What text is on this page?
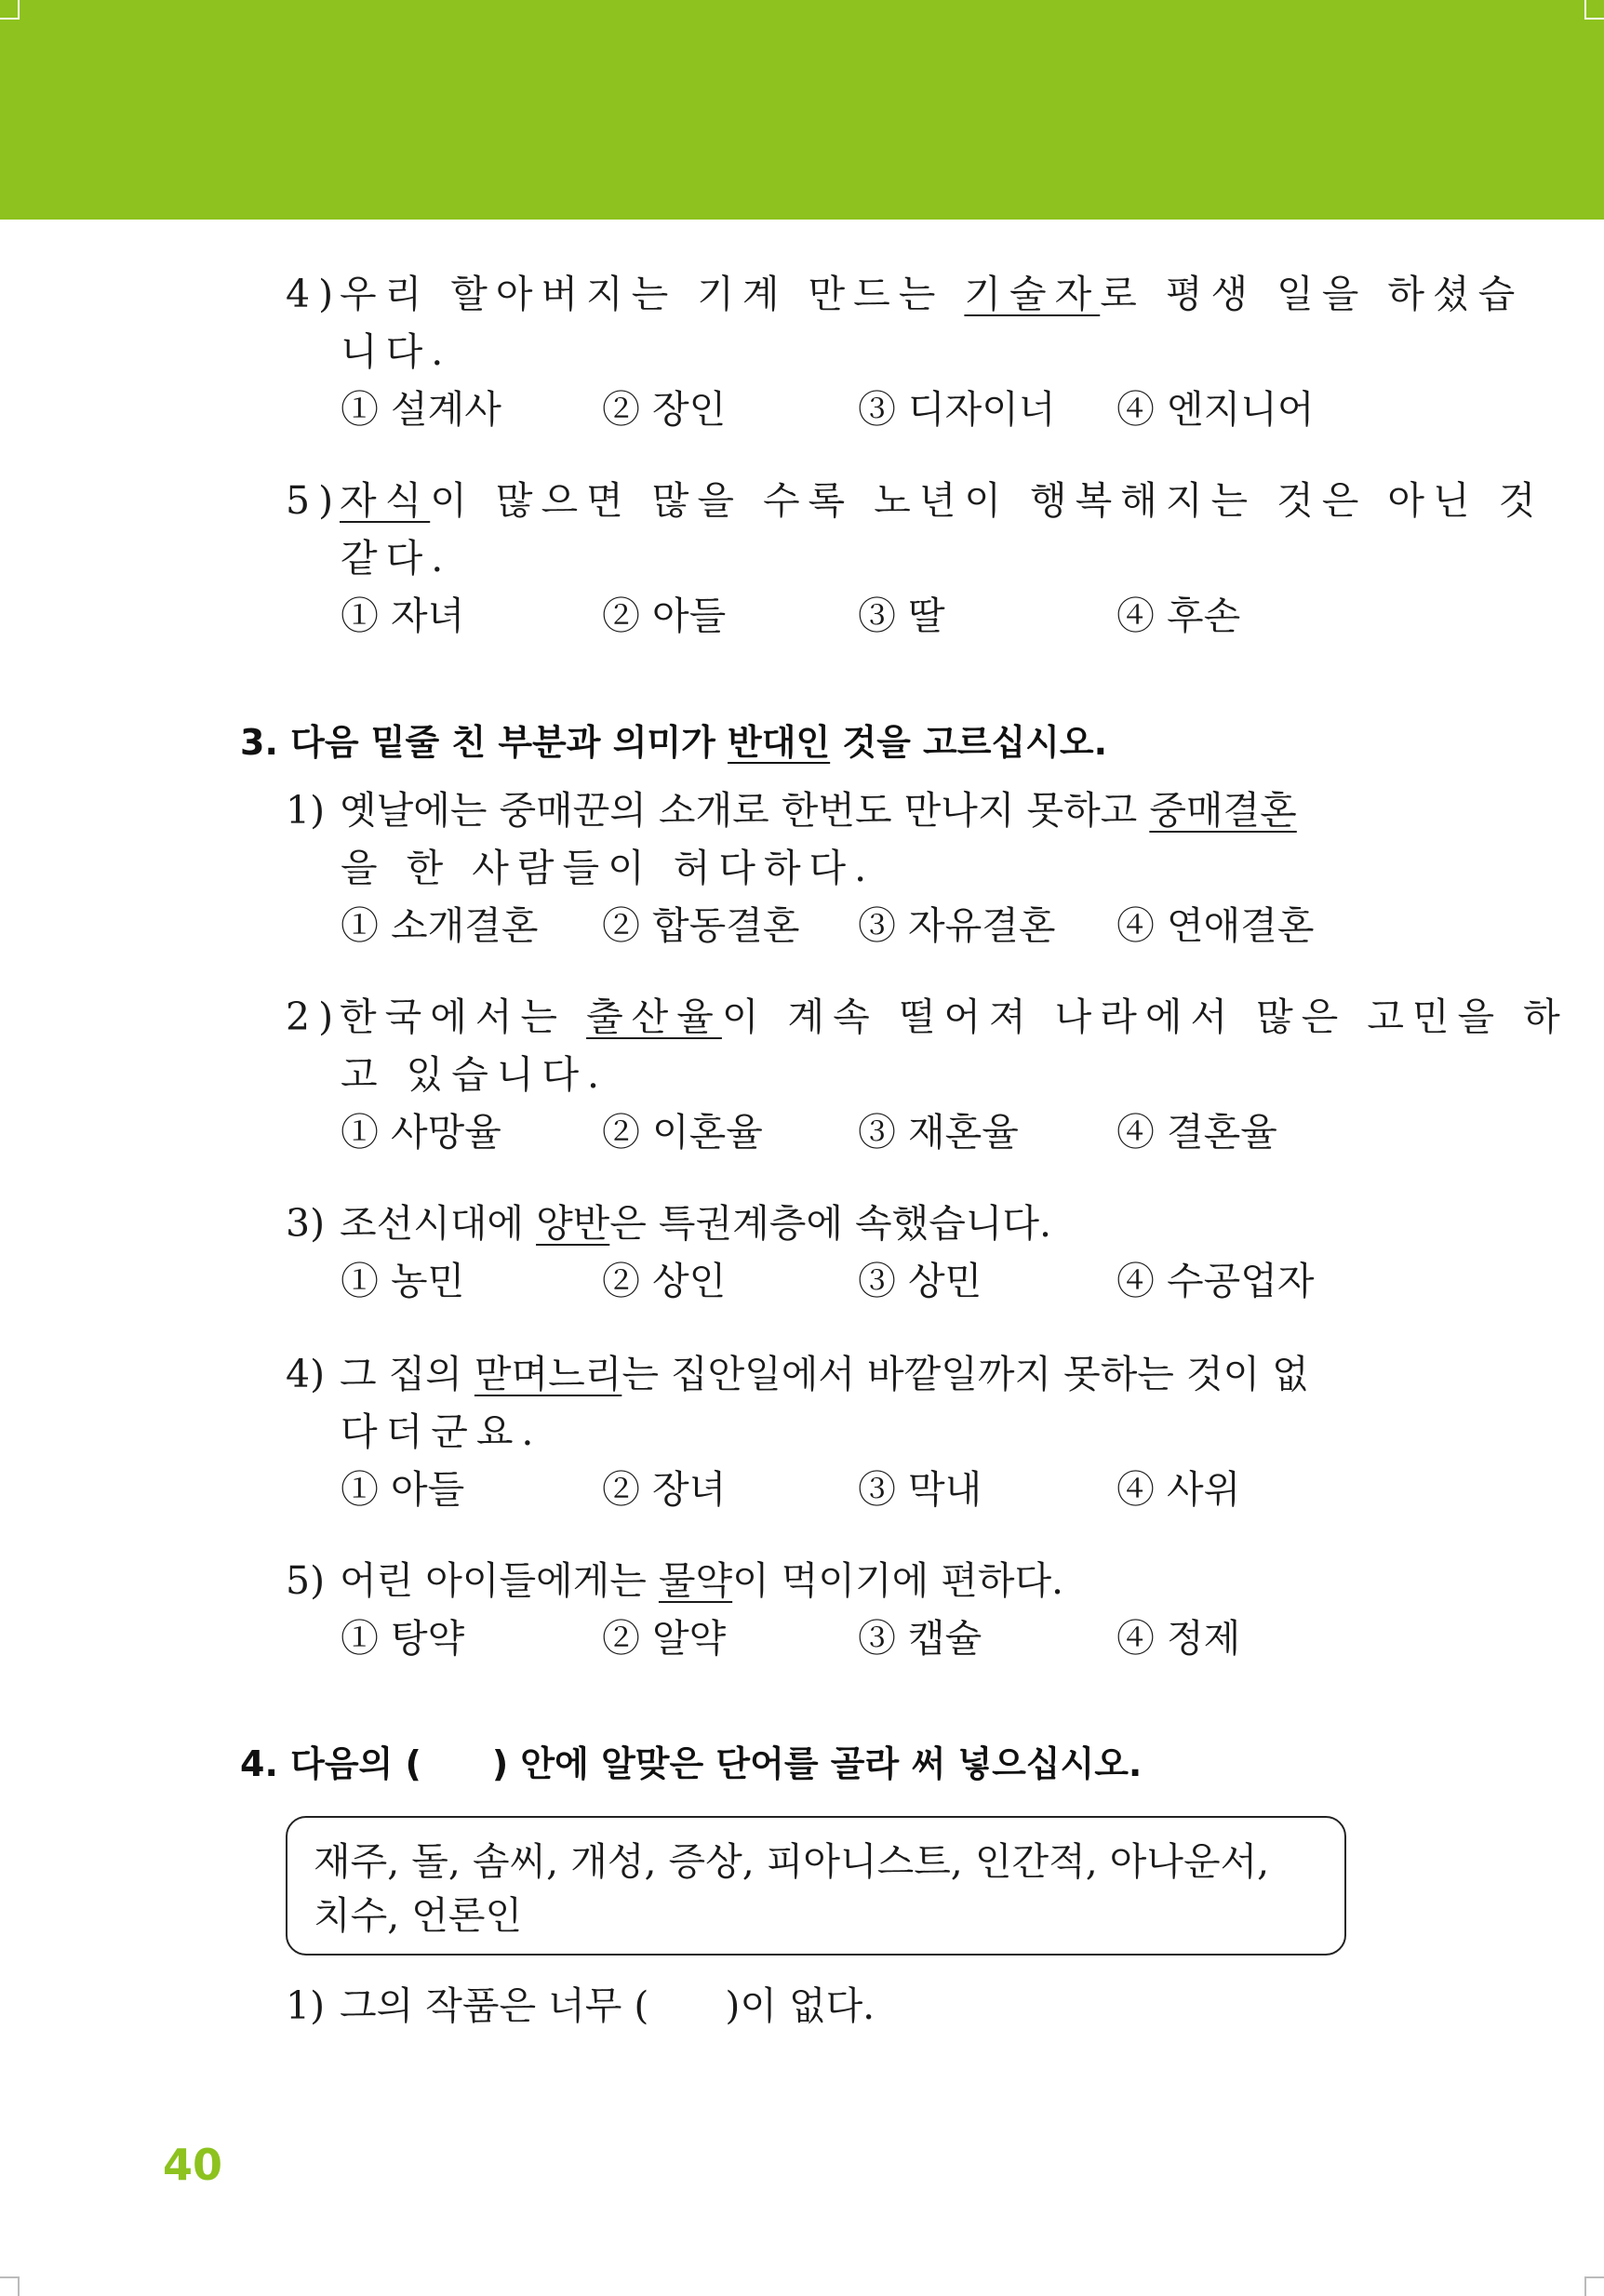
4)우리 할아버지는 기계 만드는 기술자로 평생 일을 하셨습
니다.
① 설계사	② 장인	③ 디자이너 ④ 엔지니어
5)자식이 많으면 많을 수록 노년이 행복해지는 것은 아닌 것
같다.
① 자녀	② 아들	③ 딸	④ 후손
3. 다음 밑줄 친 부분과 의미가 반대인 것을 고르십시오.
1) 옛날에는 중매꾼의 소개로 한번도 만나지 못하고 중매결혼
을 한 사람들이 허다하다.
① 소개결혼 ② 합동결혼 ③ 자유결혼 ④ 연애결혼
2)한국에서는 출산율이 계속 떨어져 나라에서 많은 고민을 하
고 있습니다.
① 사망율	② 이혼율 ③ 재혼율	④ 결혼율
3) 조선시대에 양반은 특권계층에 속했습니다.
① 농민	② 상인	③ 상민	④ 수공업자
4) 그 집의 맏며느리는 집안일에서 바깥일까지 못하는 것이 없
다더군요.
① 아들	② 장녀	③ 막내	④ 사위
5) 어린 아이들에게는 물약이 먹이기에 편하다.
① 탕약	② 알약	③ 캡슐	④ 정제
4. 다음의 (　　) 안에 알맞은 단어를 골라 써 넣으십시오.
재주, 돌, 솜씨, 개성, 증상, 피아니스트, 인간적, 아나운서,
치수, 언론인
1) 그의 작품은 너무 (　　)이 없다.
40
